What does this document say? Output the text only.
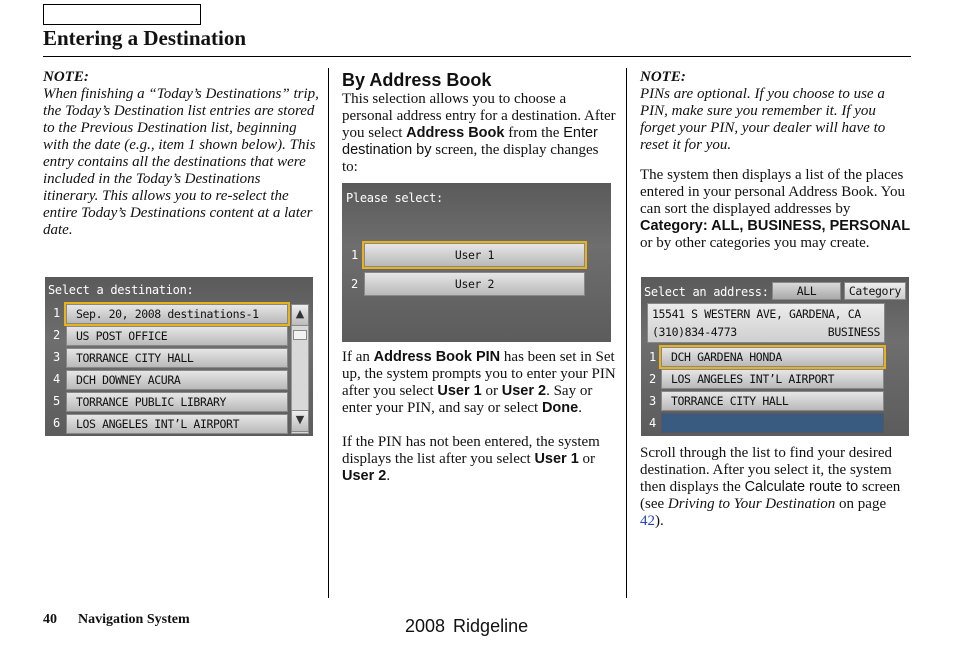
Entering a Destination
NOTE:

When finishing a “Today’s Destinations” trip, the Today’s Destination list entries are stored to the Previous Destination list, beginning with the date (e.g., item 1 shown below). This entry contains all the destinations that were included in the Today’s Destinations itinerary. This allows you to re-select the entire Today’s Destinations content at a later date.

Select a destination:
1	Sep. 20, 2008 destinations-1
2	US POST OFFICE
3	TORRANCE CITY HALL
4	DCH DOWNEY ACURA
5	TORRANCE PUBLIC LIBRARY
6	LOS ANGELES INT’L AIRPORT
▲
▼
By Address Book

This selection allows you to choose a personal address entry for a destination. After you select Address Book from the Enter destination by screen, the display changes to:

Please select:
1	User 1
2	User 2

If an Address Book PIN has been set in Set up, the system prompts you to enter your PIN after you select User 1 or User 2. Say or enter your PIN, and say or select Done.

If the PIN has not been entered, the system displays the list after you select User 1 or User 2.

NOTE:

PINs are optional. If you choose to use a PIN, make sure you remember it. If you forget your PIN, your dealer will have to reset it for you.

The system then displays a list of the places entered in your personal Address Book. You can sort the displayed addresses by Category: ALL, BUSINESS, PERSONAL or by other categories you may create.

Select an address:	ALL	Category
15541 S WESTERN AVE, GARDENA, CA
(310)834-4773	BUSINESS
1	DCH GARDENA HONDA
2	LOS ANGELES INT’L AIRPORT
3	TORRANCE CITY HALL
4

Scroll through the list to find your desired destination. After you select it, the system then displays the Calculate route to screen (see Driving to Your Destination on page 42).

40 Navigation System	2008 Ridgeline
